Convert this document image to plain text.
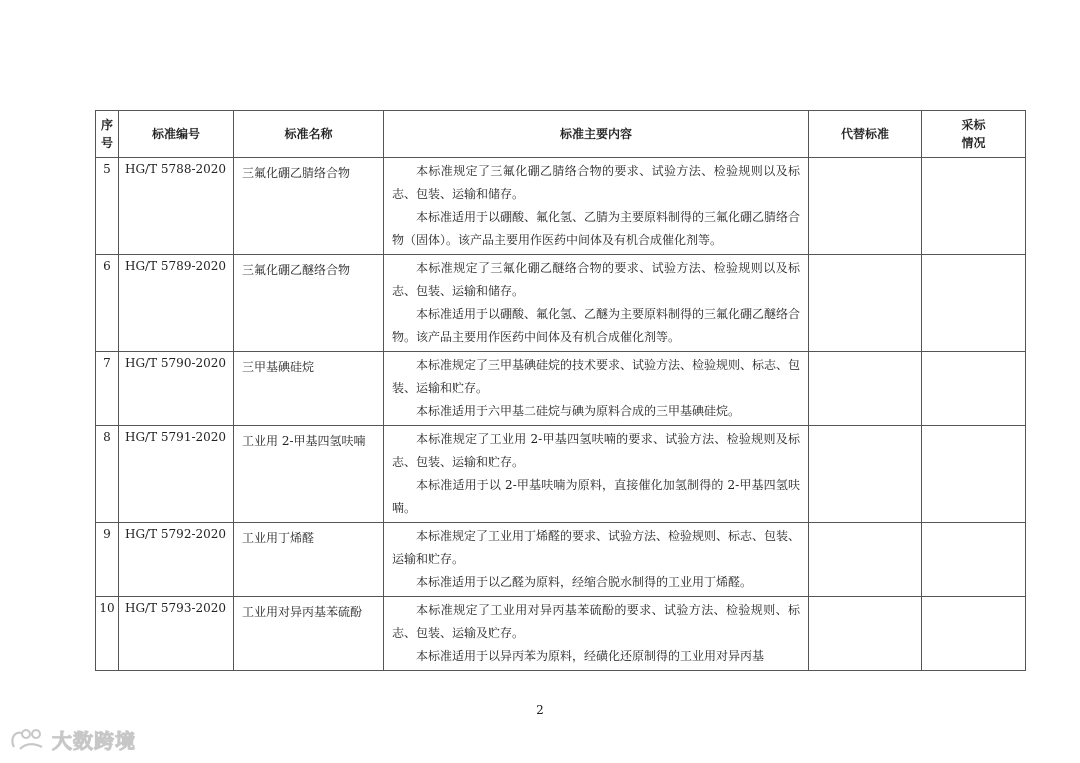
序号	标准编号	标准名称	标准主要内容	代替标准	采标情况

5	HG/T 5788-2020	三氟化硼乙腈络合物	本标准规定了三氟化硼乙腈络合物的要求、试验方法、检验规则以及标志、包装、运输和储存。

本标准适用于以硼酸、氟化氢、乙腈为主要原料制得的三氟化硼乙腈络合物（固体）。该产品主要用作医药中间体及有机合成催化剂等。		

6	HG/T 5789-2020	三氟化硼乙醚络合物	本标准规定了三氟化硼乙醚络合物的要求、试验方法、检验规则以及标志、包装、运输和储存。

本标准适用于以硼酸、氟化氢、乙醚为主要原料制得的三氟化硼乙醚络合物。该产品主要用作医药中间体及有机合成催化剂等。		

7	HG/T 5790-2020	三甲基碘硅烷	本标准规定了三甲基碘硅烷的技术要求、试验方法、检验规则、标志、包装、运输和贮存。

本标准适用于六甲基二硅烷与碘为原料合成的三甲基碘硅烷。		

8	HG/T 5791-2020	工业用 2-甲基四氢呋喃	本标准规定了工业用 2-甲基四氢呋喃的要求、试验方法、检验规则及标志、包装、运输和贮存。

本标准适用于以 2-甲基呋喃为原料，直接催化加氢制得的 2-甲基四氢呋喃。		

9	HG/T 5792-2020	工业用丁烯醛	本标准规定了工业用丁烯醛的要求、试验方法、检验规则、标志、包装、运输和贮存。

本标准适用于以乙醛为原料，经缩合脱水制得的工业用丁烯醛。		

10	HG/T 5793-2020	工业用对异丙基苯硫酚	本标准规定了工业用对异丙基苯硫酚的要求、试验方法、检验规则、标志、包装、运输及贮存。

本标准适用于以异丙苯为原料，经磺化还原制得的工业用对异丙基		

2
大数跨境
